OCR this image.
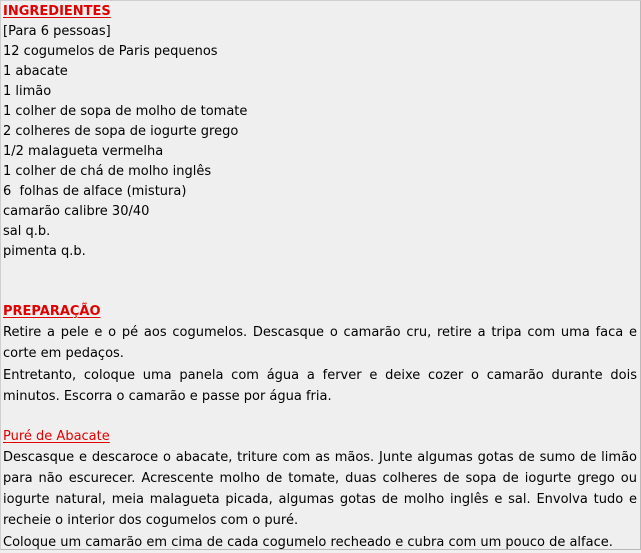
INGREDIENTES
[Para 6 pessoas]
12 cogumelos de Paris pequenos
1 abacate
1 limão
1 colher de sopa de molho de tomate
2 colheres de sopa de iogurte grego
1/2 malagueta vermelha
1 colher de chá de molho inglês
6  folhas de alface (mistura)
camarão calibre 30/40
sal q.b.
pimenta q.b.
PREPARAÇÃO

Retire a pele e o pé aos cogumelos. Descasque o camarão cru, retire a tripa com uma faca e corte em pedaços.

Entretanto, coloque uma panela com água a ferver e deixe cozer o camarão durante dois minutos. Escorra o camarão e passe por água fria.

Puré de Abacate

Descasque e descaroce o abacate, triture com as mãos. Junte algumas gotas de sumo de limão para não escurecer. Acrescente molho de tomate, duas colheres de sopa de iogurte grego ou iogurte natural, meia malagueta picada, algumas gotas de molho inglês e sal. Envolva tudo e recheie o interior dos cogumelos com o puré.

Coloque um camarão em cima de cada cogumelo recheado e cubra com um pouco de alface.
